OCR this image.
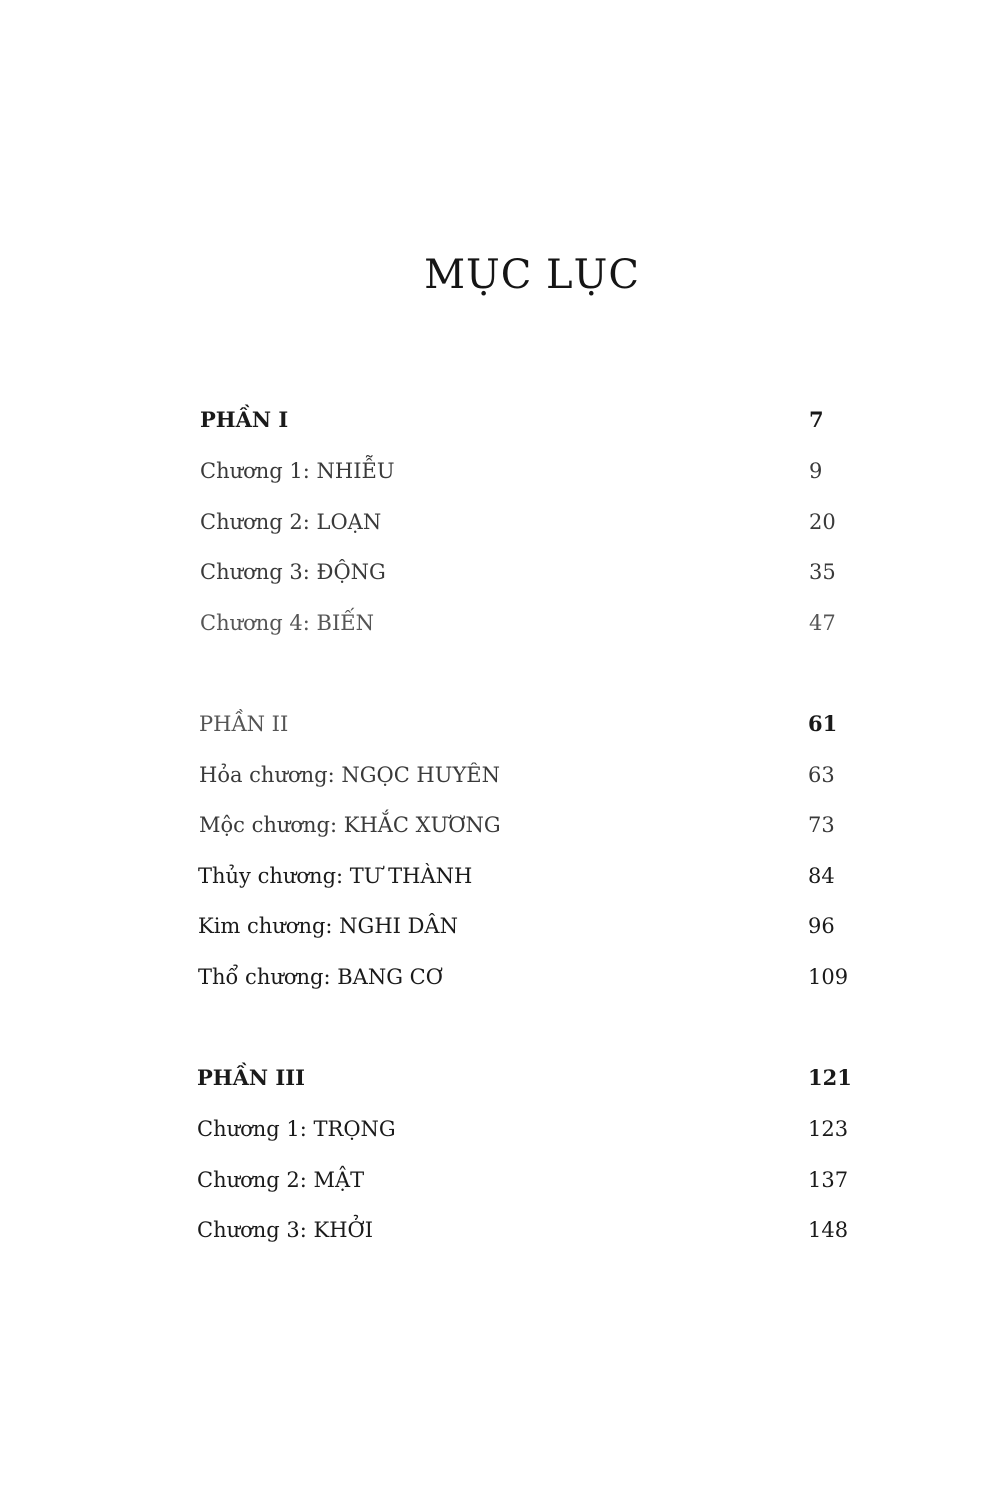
MỤC LỤC
PHẦN I	7
Chương 1: NHIỄU	9
Chương 2: LOẠN	20
Chương 3: ĐỘNG	35
Chương 4: BIẾN	47
PHẦN II	61
Hỏa chương: NGỌC HUYÊN	63
Mộc chương: KHẮC XƯƠNG	73
Thủy chương: TƯ THÀNH	84
Kim chương: NGHI DÂN	96
Thổ chương: BANG CƠ	109
PHẦN III	121
Chương 1: TRỌNG	123
Chương 2: MẬT	137
Chương 3: KHỞI	148
